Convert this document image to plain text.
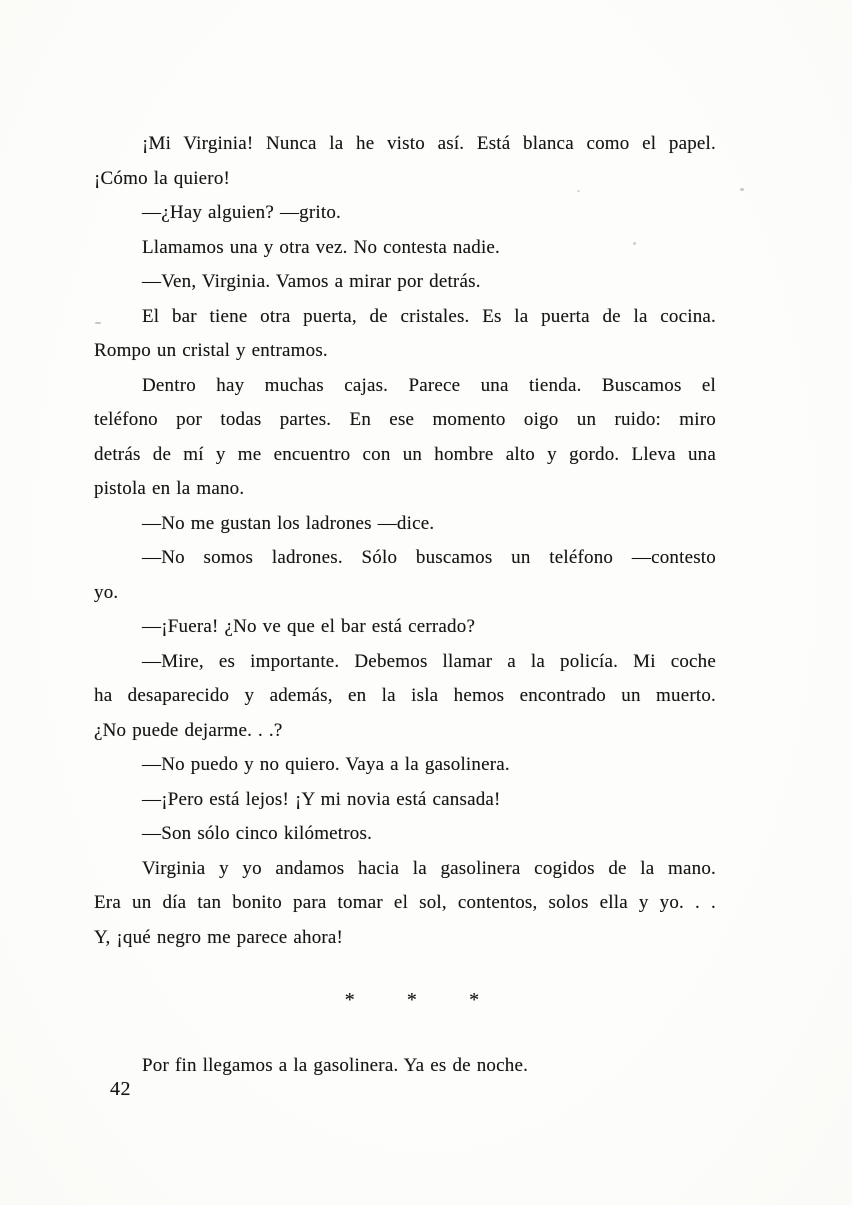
¡Mi Virginia! Nunca la he visto así. Está blanca como el papel.
¡Cómo la quiero!
—¿Hay alguien? —grito.
Llamamos una y otra vez. No contesta nadie.
—Ven, Virginia. Vamos a mirar por detrás.
El bar tiene otra puerta, de cristales. Es la puerta de la cocina.
Rompo un cristal y entramos.
Dentro hay muchas cajas. Parece una tienda. Buscamos el
teléfono por todas partes. En ese momento oigo un ruido: miro
detrás de mí y me encuentro con un hombre alto y gordo. Lleva una
pistola en la mano.
—No me gustan los ladrones —dice.
—No somos ladrones. Sólo buscamos un teléfono —contesto
yo.
—¡Fuera! ¿No ve que el bar está cerrado?
—Mire, es importante. Debemos llamar a la policía. Mi coche
ha desaparecido y además, en la isla hemos encontrado un muerto.
¿No puede dejarme. . .?
—No puedo y no quiero. Vaya a la gasolinera.
—¡Pero está lejos! ¡Y mi novia está cansada!
—Son sólo cinco kilómetros.
Virginia y yo andamos hacia la gasolinera cogidos de la mano.
Era un día tan bonito para tomar el sol, contentos, solos ella y yo. . .
Y, ¡qué negro me parece ahora!
*	*	*
Por fin llegamos a la gasolinera. Ya es de noche.
42
